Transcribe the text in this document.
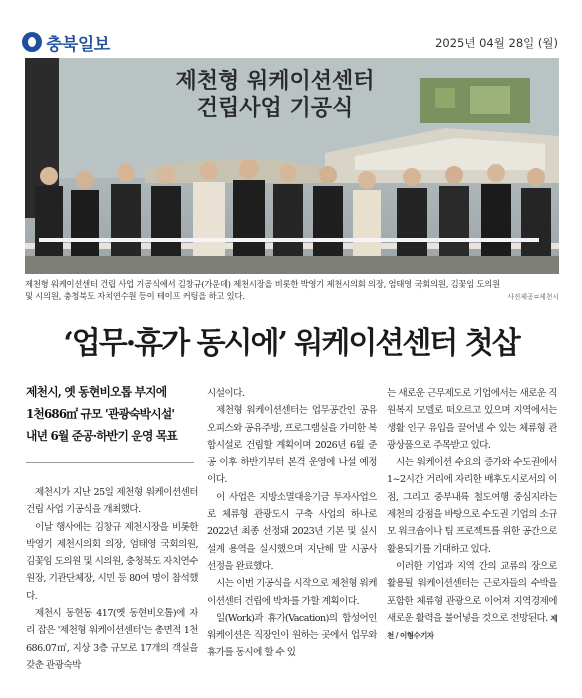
충북일보	2025년 04월 28일 (월)
제천형 워케이션센터
건립사업 기공식
제천형 워케이션센터 건립 사업 기공식에서 김창규(가운데) 제천시장을 비롯한 박영기 제천시의회 의장, 엄태영 국회의원, 김꽃임 도의원
및 시의원, 충청북도 자치연수원 등이 테이프 커팅을 하고 있다.	사진제공=제천시
‘업무·휴가 동시에’ 워케이션센터 첫삽
제천시, 옛 동현비오톱 부지에
1천686㎡ 규모 '관광숙박시설'
내년 6월 준공·하반기 운영 목표

제천시가 지난 25일 제천형 워케이션센터 건립 사업 기공식을 개최했다.

이날 행사에는 김창규 제천시장을 비롯한 박영기 제천시의회 의장, 엄태영 국회의원, 김꽃임 도의원 및 시의원, 충청북도 자치연수원장, 기관단체장, 시민 등 80여 명이 참석했다.

제천시 동현동 417(옛 동현비오톱)에 자리 잡은 '제천형 워케이션센터'는 총면적 1천686.07㎡, 지상 3층 규모로 17개의 객실을 갖춘 관광숙박

시설이다.

제천형 워케이션센터는 업무공간인 공유오피스와 공유주방, 프로그램실을 가미한 복합시설로 건립할 계획이며 2026년 6월 준공 이후 하반기부터 본격 운영에 나설 예정이다.

이 사업은 지방소멸대응기금 투자사업으로 체류형 관광도시 구축 사업의 하나로 2022년 최종 선정돼 2023년 기본 및 실시설계 용역을 실시했으며 지난해 말 시공사 선정을 완료했다.

시는 이번 기공식을 시작으로 제천형 워케이션센터 건립에 박차를 가할 계획이다.

일(Work)과 휴가(Vacation)의 합성어인 워케이션은 직장인이 원하는 곳에서 업무와 휴가를 동시에 할 수 있

는 새로운 근무제도로 기업에서는 새로운 직원복지 모델로 떠오르고 있으며 지역에서는 생활 인구 유입을 끌어낼 수 있는 체류형 관광상품으로 주목받고 있다.

시는 워케이션 수요의 증가와 수도권에서 1~2시간 거리에 자리한 배후도시로서의 이점, 그리고 중부내륙 철도여행 중심지라는 제천의 강점을 바탕으로 수도권 기업의 소규모 워크숍이나 팀 프로젝트를 위한 공간으로 활용되기를 기대하고 있다.

이러한 기업과 지역 간의 교류의 장으로 활용될 워케이션센터는 근로자들의 수박을 포함한 체류형 관광으로 이어져 지역경제에 새로운 활력을 불어넣을 것으로 전망된다. 제천 / 이형수기자
